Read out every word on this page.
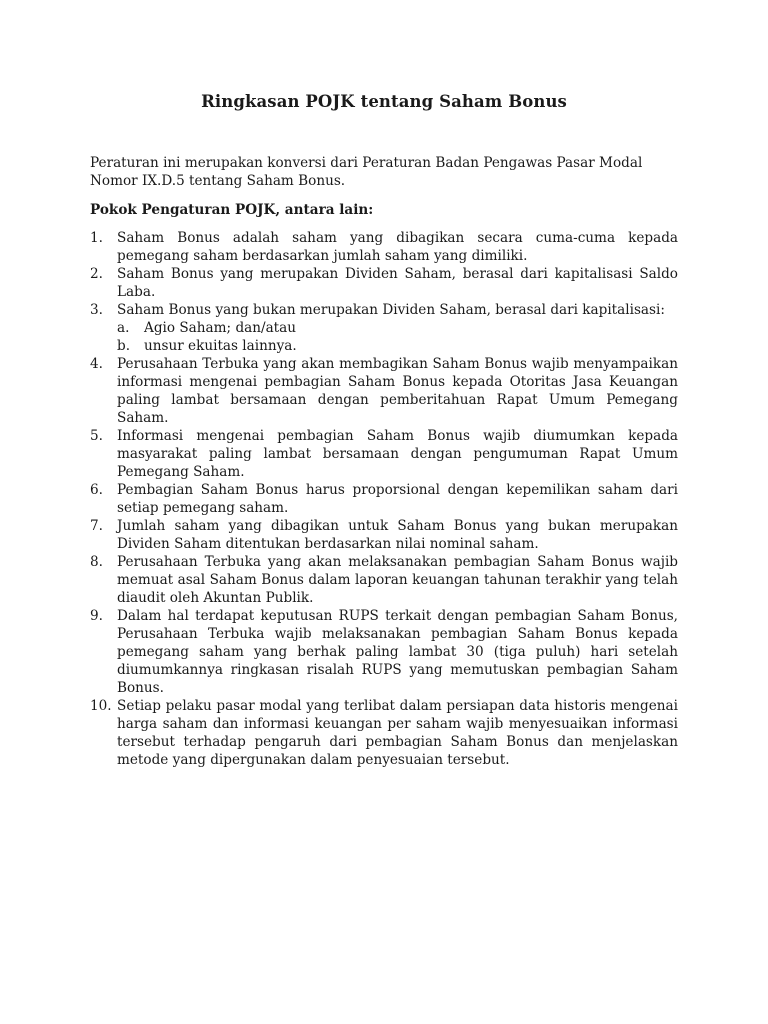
Ringkasan POJK tentang Saham Bonus
Peraturan ini merupakan konversi dari Peraturan Badan Pengawas Pasar Modal Nomor IX.D.5 tentang Saham Bonus.
Pokok Pengaturan POJK, antara lain:
1.	Saham Bonus adalah saham yang dibagikan secara cuma-cuma kepada pemegang saham berdasarkan jumlah saham yang dimiliki.
2.	Saham Bonus yang merupakan Dividen Saham, berasal dari kapitalisasi Saldo Laba.
3.	Saham Bonus yang bukan merupakan Dividen Saham, berasal dari kapitalisasi:
a.	Agio Saham; dan/atau
b.	unsur ekuitas lainnya.
4.	Perusahaan Terbuka yang akan membagikan Saham Bonus wajib menyampaikan informasi mengenai pembagian Saham Bonus kepada Otoritas Jasa Keuangan paling lambat bersamaan dengan pemberitahuan Rapat Umum Pemegang Saham.
5.	Informasi mengenai pembagian Saham Bonus wajib diumumkan kepada masyarakat paling lambat bersamaan dengan pengumuman Rapat Umum Pemegang Saham.
6.	Pembagian Saham Bonus harus proporsional dengan kepemilikan saham dari setiap pemegang saham.
7.	Jumlah saham yang dibagikan untuk Saham Bonus yang bukan merupakan Dividen Saham ditentukan berdasarkan nilai nominal saham.
8.	Perusahaan Terbuka yang akan melaksanakan pembagian Saham Bonus wajib memuat asal Saham Bonus dalam laporan keuangan tahunan terakhir yang telah diaudit oleh Akuntan Publik.
9.	Dalam hal terdapat keputusan RUPS terkait dengan pembagian Saham Bonus, Perusahaan Terbuka wajib melaksanakan pembagian Saham Bonus kepada pemegang saham yang berhak paling lambat 30 (tiga puluh) hari setelah diumumkannya ringkasan risalah RUPS yang memutuskan pembagian Saham Bonus.
10. Setiap pelaku pasar modal yang terlibat dalam persiapan data historis mengenai harga saham dan informasi keuangan per saham wajib menyesuaikan informasi tersebut terhadap pengaruh dari pembagian Saham Bonus dan menjelaskan metode yang dipergunakan dalam penyesuaian tersebut.
